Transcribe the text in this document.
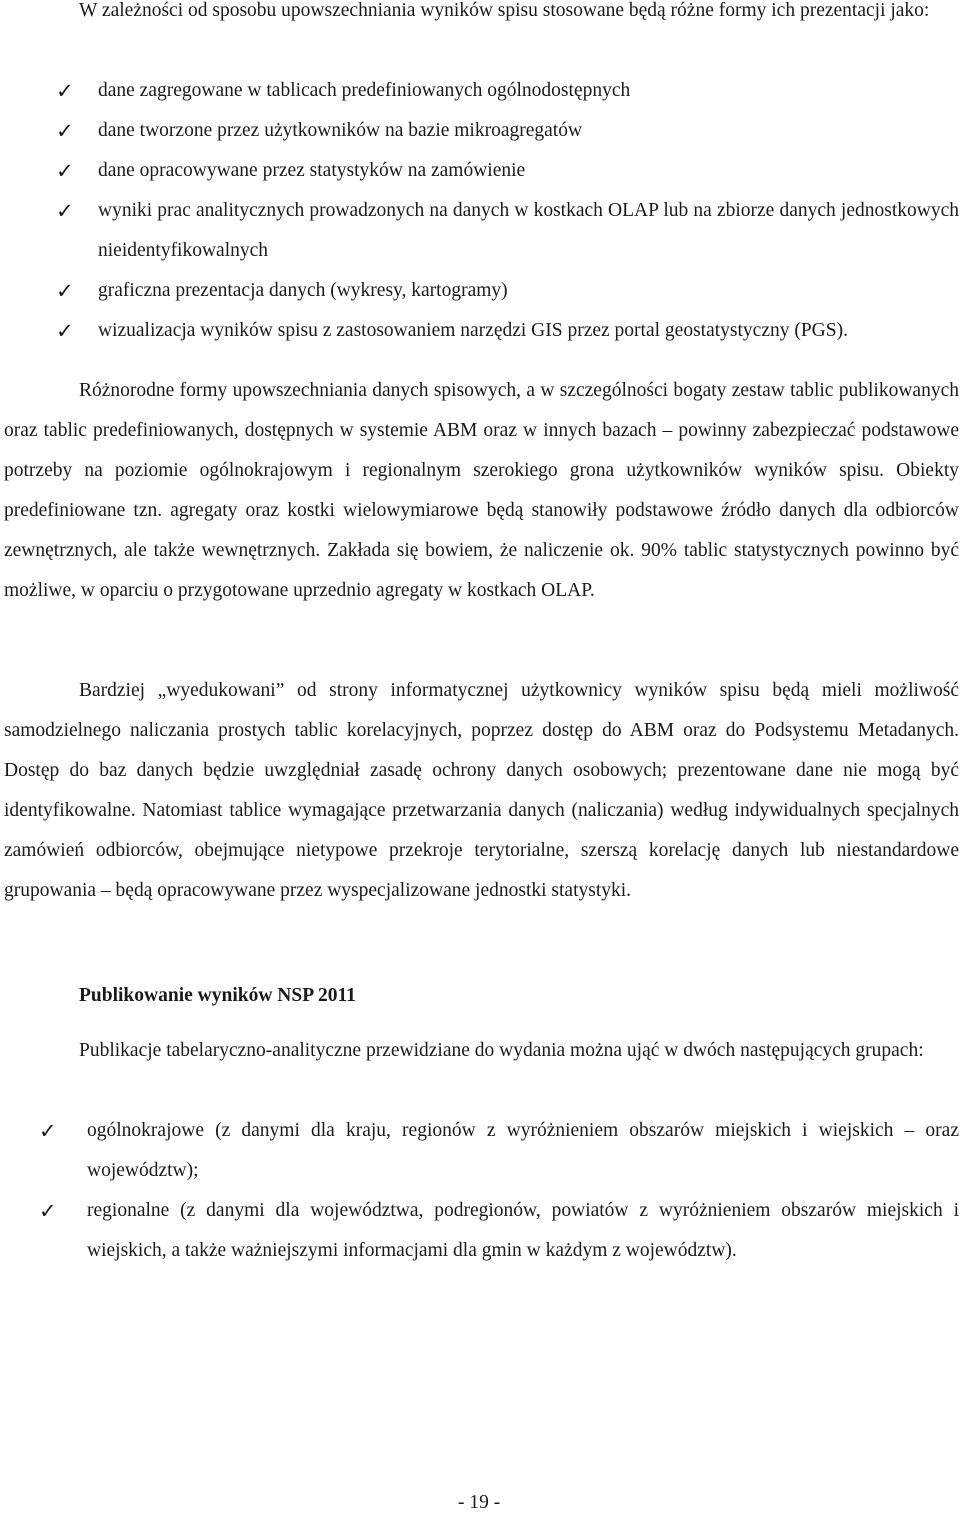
W zależności od sposobu upowszechniania wyników spisu stosowane będą różne formy ich prezentacji jako:

✓ dane zagregowane w tablicach predefiniowanych ogólnodostępnych
✓ dane tworzone przez użytkowników na bazie mikroagregatów
✓ dane opracowywane przez statystyków na zamówienie
✓ wyniki prac analitycznych prowadzonych na danych w kostkach OLAP lub na zbiorze danych jednostkowych nieidentyfikowalnych
✓ graficzna prezentacja danych (wykresy, kartogramy)
✓ wizualizacja wyników spisu z zastosowaniem narzędzi GIS przez portal geostatystyczny (PGS).

Różnorodne formy upowszechniania danych spisowych, a w szczególności bogaty zestaw tablic publikowanych oraz tablic predefiniowanych, dostępnych w systemie ABM oraz w innych bazach – powinny zabezpieczać podstawowe potrzeby na poziomie ogólnokrajowym i regionalnym szerokiego grona użytkowników wyników spisu. Obiekty predefiniowane tzn. agregaty oraz kostki wielowymiarowe będą stanowiły podstawowe źródło danych dla odbiorców zewnętrznych, ale także wewnętrznych. Zakłada się bowiem, że naliczenie ok. 90% tablic statystycznych powinno być możliwe, w oparciu o przygotowane uprzednio agregaty w kostkach OLAP.

Bardziej „wyedukowani” od strony informatycznej użytkownicy wyników spisu będą mieli możliwość samodzielnego naliczania prostych tablic korelacyjnych, poprzez dostęp do ABM oraz do Podsystemu Metadanych. Dostęp do baz danych będzie uwzględniał zasadę ochrony danych osobowych; prezentowane dane nie mogą być identyfikowalne. Natomiast tablice wymagające przetwarzania danych (naliczania) według indywidualnych specjalnych zamówień odbiorców, obejmujące nietypowe przekroje terytorialne, szerszą korelację danych lub niestandardowe grupowania – będą opracowywane przez wyspecjalizowane jednostki statystyki.

Publikowanie wyników NSP 2011

Publikacje tabelaryczno-analityczne przewidziane do wydania można ująć w dwóch następujących grupach:

✓ ogólnokrajowe (z danymi dla kraju, regionów z wyróżnieniem obszarów miejskich i wiejskich – oraz województw);
✓ regionalne (z danymi dla województwa, podregionów, powiatów z wyróżnieniem obszarów miejskich i wiejskich, a także ważniejszymi informacjami dla gmin w każdym z województw).
- 19 -
